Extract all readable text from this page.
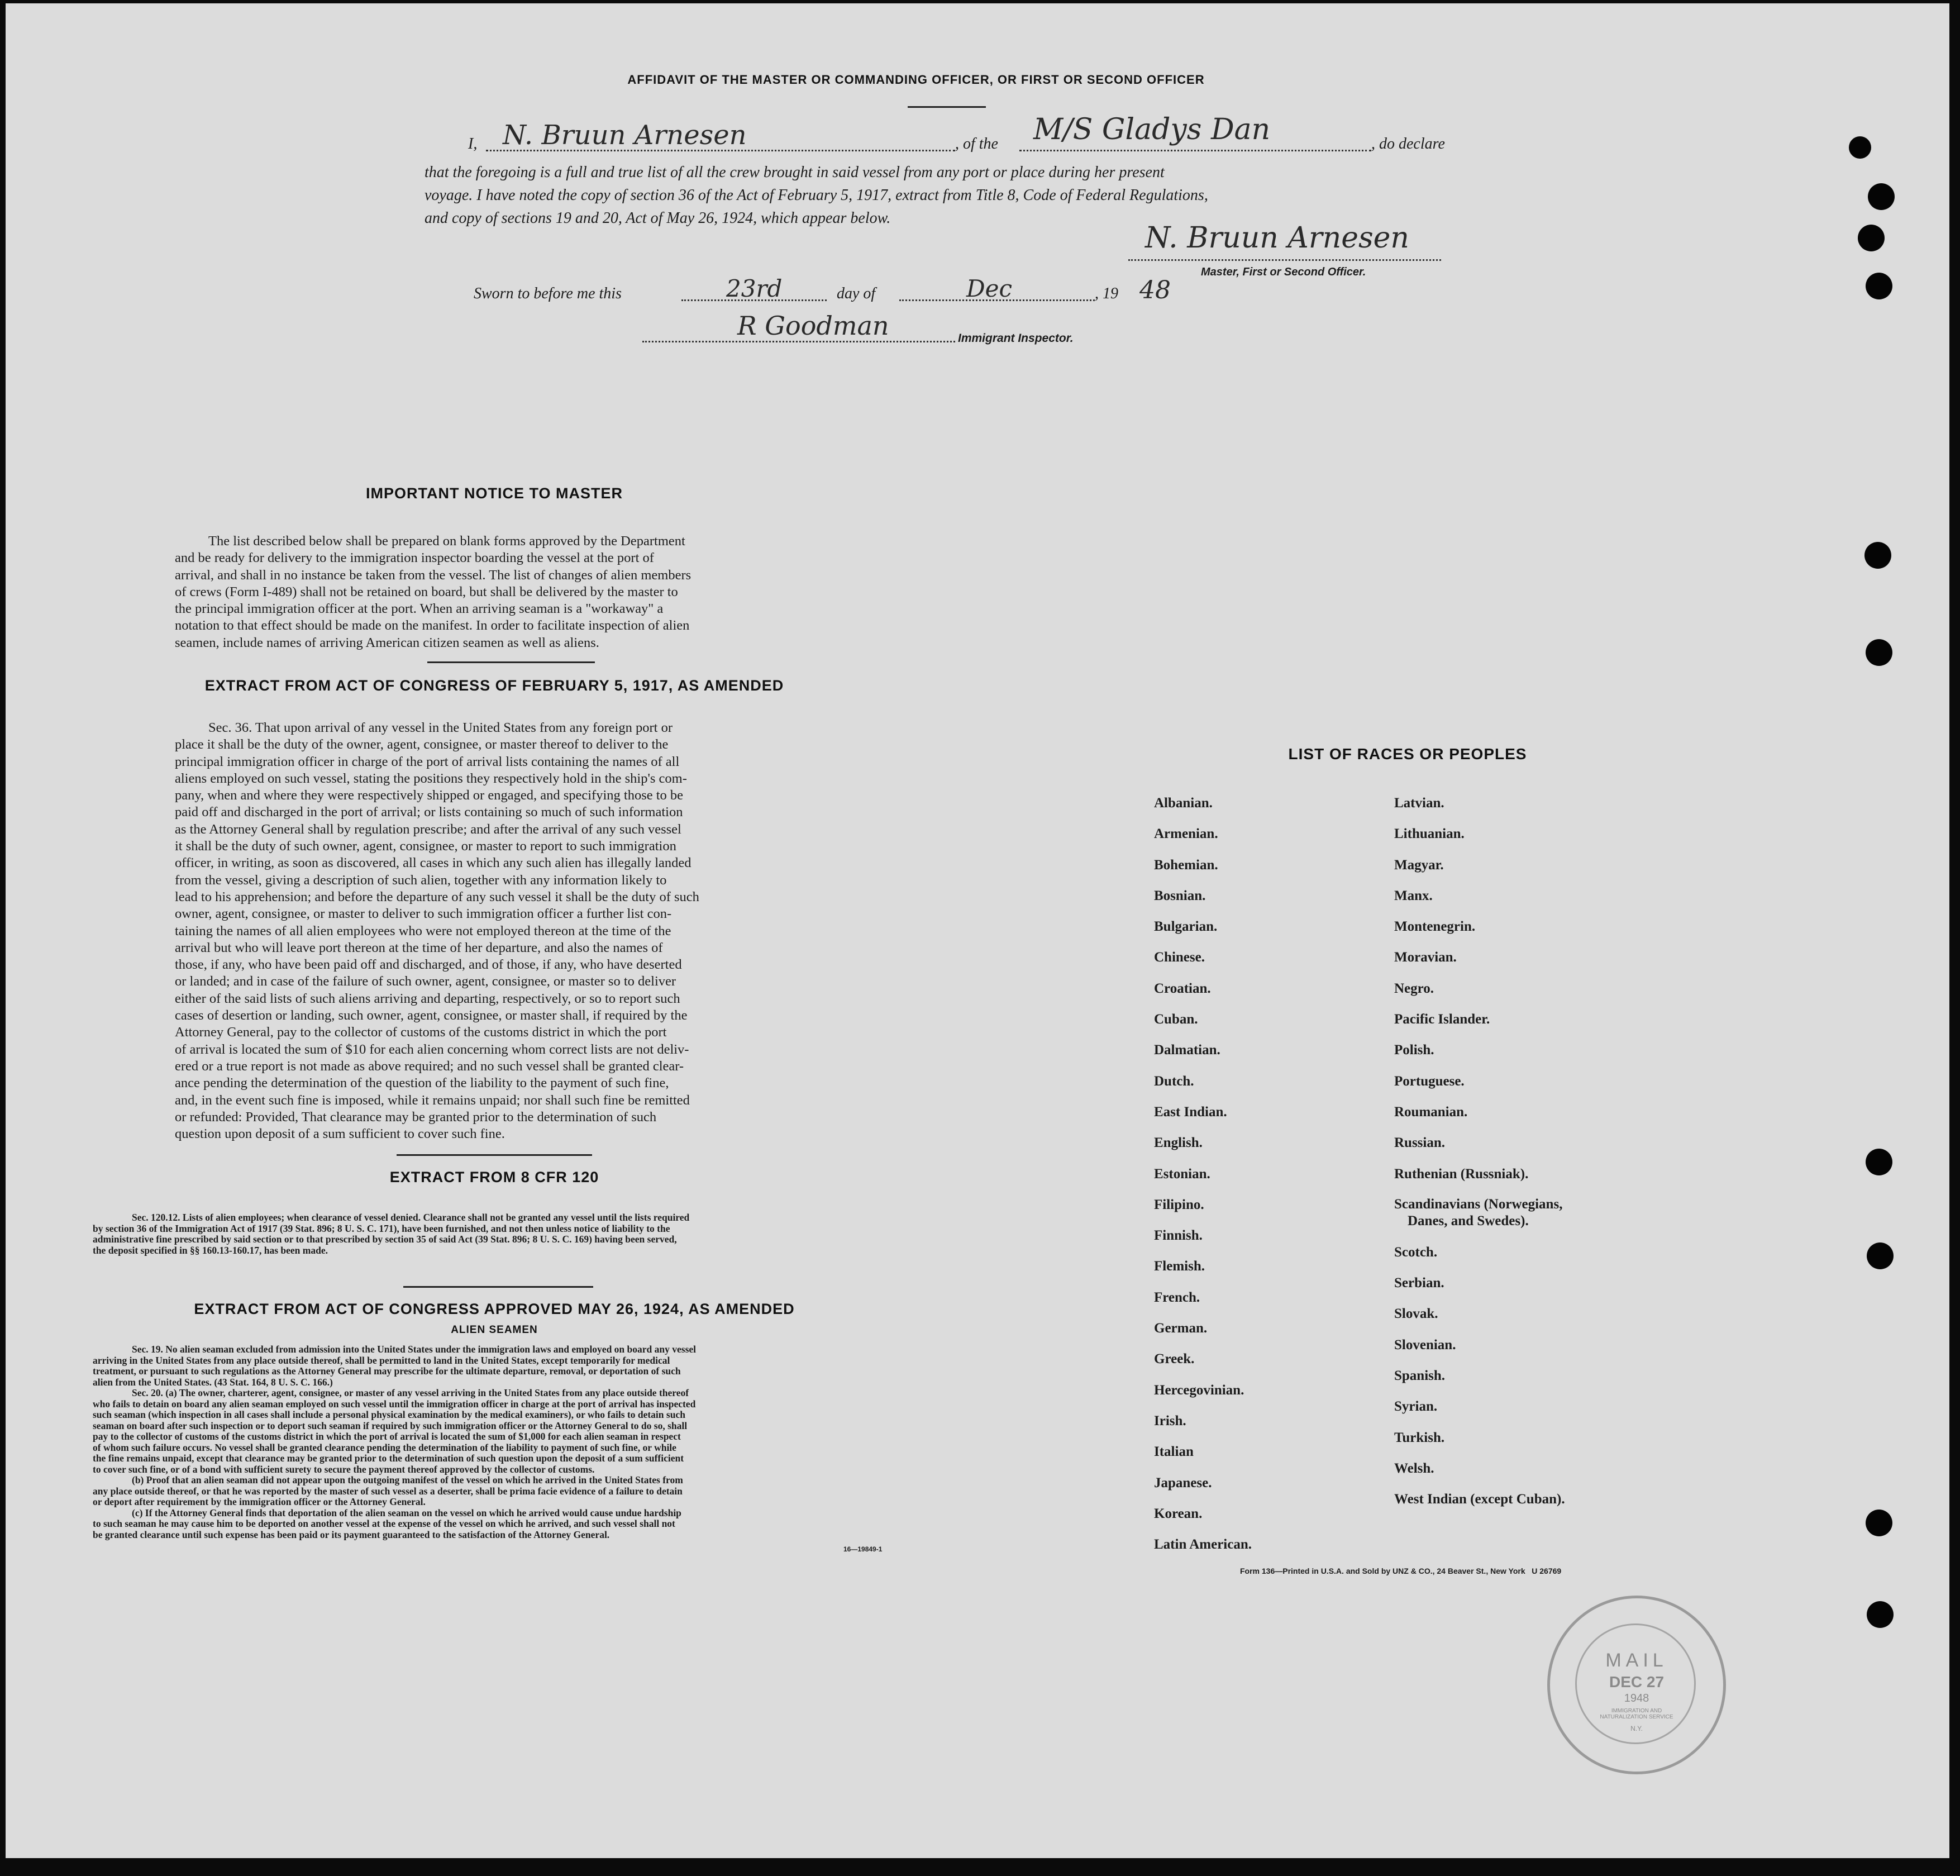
AFFIDAVIT OF THE MASTER OR COMMANDING OFFICER, OR FIRST OR SECOND OFFICER
I, N. Bruun Arnesen	, of the M/S Gladys Dan	, do declare
that the foregoing is a full and true list of all the crew brought in said vessel from any port or place during her present
voyage. I have noted the copy of section 36 of the Act of February 5, 1917, extract from Title 8, Code of Federal Regulations,
and copy of sections 19 and 20, Act of May 26, 1924, which appear below.
N. Bruun Arnesen
Master, First or Second Officer.
Sworn to before me this	23rd	day of	Dec	, 19 48
R Goodman	Immigrant Inspector.
IMPORTANT NOTICE TO MASTER
The list described below shall be prepared on blank forms approved by the Department
and be ready for delivery to the immigration inspector boarding the vessel at the port of
arrival, and shall in no instance be taken from the vessel. The list of changes of alien members
of crews (Form I-489) shall not be retained on board, but shall be delivered by the master to
the principal immigration officer at the port. When an arriving seaman is a "workaway" a
notation to that effect should be made on the manifest. In order to facilitate inspection of alien
seamen, include names of arriving American citizen seamen as well as aliens.
EXTRACT FROM ACT OF CONGRESS OF FEBRUARY 5, 1917, AS AMENDED
Sec. 36. That upon arrival of any vessel in the United States from any foreign port or
place it shall be the duty of the owner, agent, consignee, or master thereof to deliver to the
principal immigration officer in charge of the port of arrival lists containing the names of all
aliens employed on such vessel, stating the positions they respectively hold in the ship's com-
pany, when and where they were respectively shipped or engaged, and specifying those to be
paid off and discharged in the port of arrival; or lists containing so much of such information
as the Attorney General shall by regulation prescribe; and after the arrival of any such vessel
it shall be the duty of such owner, agent, consignee, or master to report to such immigration
officer, in writing, as soon as discovered, all cases in which any such alien has illegally landed
from the vessel, giving a description of such alien, together with any information likely to
lead to his apprehension; and before the departure of any such vessel it shall be the duty of such
owner, agent, consignee, or master to deliver to such immigration officer a further list con-
taining the names of all alien employees who were not employed thereon at the time of the
arrival but who will leave port thereon at the time of her departure, and also the names of
those, if any, who have been paid off and discharged, and of those, if any, who have deserted
or landed; and in case of the failure of such owner, agent, consignee, or master so to deliver
either of the said lists of such aliens arriving and departing, respectively, or so to report such
cases of desertion or landing, such owner, agent, consignee, or master shall, if required by the
Attorney General, pay to the collector of customs of the customs district in which the port
of arrival is located the sum of $10 for each alien concerning whom correct lists are not deliv-
ered or a true report is not made as above required; and no such vessel shall be granted clear-
ance pending the determination of the question of the liability to the payment of such fine,
and, in the event such fine is imposed, while it remains unpaid; nor shall such fine be remitted
or refunded: Provided, That clearance may be granted prior to the determination of such
question upon deposit of a sum sufficient to cover such fine.
EXTRACT FROM 8 CFR 120
Sec. 120.12. Lists of alien employees; when clearance of vessel denied. Clearance shall not be granted any vessel until the lists required
by section 36 of the Immigration Act of 1917 (39 Stat. 896; 8 U. S. C. 171), have been furnished, and not then unless notice of liability to the
administrative fine prescribed by said section or to that prescribed by section 35 of said Act (39 Stat. 896; 8 U. S. C. 169) having been served,
the deposit specified in §§ 160.13-160.17, has been made.
EXTRACT FROM ACT OF CONGRESS APPROVED MAY 26, 1924, AS AMENDED
ALIEN SEAMEN
Sec. 19. No alien seaman excluded from admission into the United States under the immigration laws and employed on board any vessel
arriving in the United States from any place outside thereof, shall be permitted to land in the United States, except temporarily for medical
treatment, or pursuant to such regulations as the Attorney General may prescribe for the ultimate departure, removal, or deportation of such
alien from the United States. (43 Stat. 164, 8 U. S. C. 166.)
Sec. 20. (a) The owner, charterer, agent, consignee, or master of any vessel arriving in the United States from any place outside thereof
who fails to detain on board any alien seaman employed on such vessel until the immigration officer in charge at the port of arrival has inspected
such seaman (which inspection in all cases shall include a personal physical examination by the medical examiners), or who fails to detain such
seaman on board after such inspection or to deport such seaman if required by such immigration officer or the Attorney General to do so, shall
pay to the collector of customs of the customs district in which the port of arrival is located the sum of $1,000 for each alien seaman in respect
of whom such failure occurs. No vessel shall be granted clearance pending the determination of the liability to payment of such fine, or while
the fine remains unpaid, except that clearance may be granted prior to the determination of such question upon the deposit of a sum sufficient
to cover such fine, or of a bond with sufficient surety to secure the payment thereof approved by the collector of customs.
(b) Proof that an alien seaman did not appear upon the outgoing manifest of the vessel on which he arrived in the United States from
any place outside thereof, or that he was reported by the master of such vessel as a deserter, shall be prima facie evidence of a failure to detain
or deport after requirement by the immigration officer or the Attorney General.
(c) If the Attorney General finds that deportation of the alien seaman on the vessel on which he arrived would cause undue hardship
to such seaman he may cause him to be deported on another vessel at the expense of the vessel on which he arrived, and such vessel shall not
be granted clearance until such expense has been paid or its payment guaranteed to the satisfaction of the Attorney General.
16—19849-1
LIST OF RACES OR PEOPLES
Albanian.
Armenian.
Bohemian.
Bosnian.
Bulgarian.
Chinese.
Croatian.
Cuban.
Dalmatian.
Dutch.
East Indian.
English.
Estonian.
Filipino.
Finnish.
Flemish.
French.
German.
Greek.
Hercegovinian.
Irish.
Italian
Japanese.
Korean.
Latin American.
Latvian.
Lithuanian.
Magyar.
Manx.
Montenegrin.
Moravian.
Negro.
Pacific Islander.
Polish.
Portuguese.
Roumanian.
Russian.
Ruthenian (Russniak).
Scandinavians (Norwegians,
Danes, and Swedes).
Scotch.
Serbian.
Slovak.
Slovenian.
Spanish.
Syrian.
Turkish.
Welsh.
West Indian (except Cuban).
Form 136—Printed in U.S.A. and Sold by UNZ & CO., 24 Beaver St., New York   U 26769
MAIL
DEC 27
1948
IMMIGRATION AND NATURALIZATION SERVICE
N.Y.
